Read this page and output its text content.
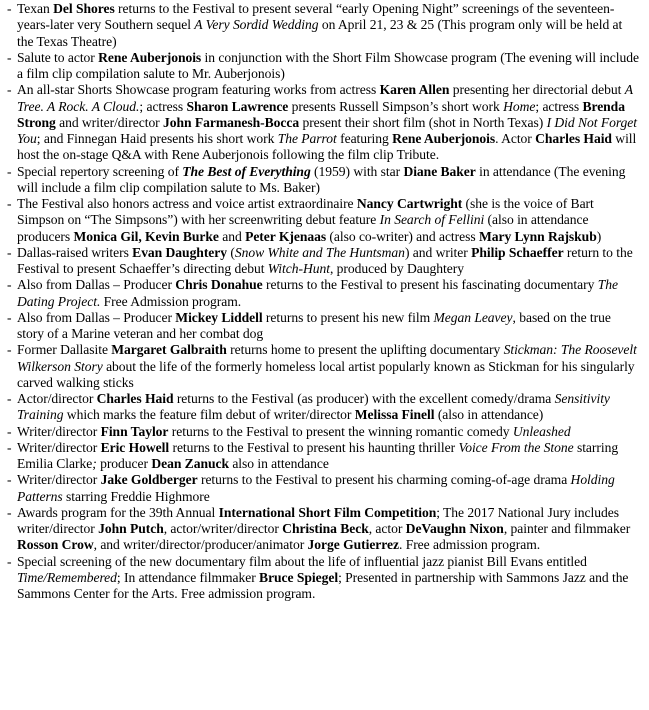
- Texan Del Shores returns to the Festival to present several “early Opening Night” screenings of the seventeen-years-later very Southern sequel A Very Sordid Wedding on April 21, 23 & 25 (This program only will be held at the Texas Theatre)

- Salute to actor Rene Auberjonois in conjunction with the Short Film Showcase program (The evening will include a film clip compilation salute to Mr. Auberjonois)

- An all-star Shorts Showcase program featuring works from actress Karen Allen presenting her directorial debut A Tree. A Rock. A Cloud.; actress Sharon Lawrence presents Russell Simpson’s short work Home; actress Brenda Strong and writer/director John Farmanesh-Bocca present their short film (shot in North Texas) I Did Not Forget You; and Finnegan Haid presents his short work The Parrot featuring Rene Auberjonois. Actor Charles Haid will host the on-stage Q&A with Rene Auberjonois following the film clip Tribute.

- Special repertory screening of The Best of Everything (1959) with star Diane Baker in attendance (The evening will include a film clip compilation salute to Ms. Baker)

- The Festival also honors actress and voice artist extraordinaire Nancy Cartwright (she is the voice of Bart Simpson on “The Simpsons”) with her screenwriting debut feature In Search of Fellini (also in attendance producers Monica Gil, Kevin Burke and Peter Kjenaas (also co-writer) and actress Mary Lynn Rajskub)

- Dallas-raised writers Evan Daughtery (Snow White and The Huntsman) and writer Philip Schaeffer return to the Festival to present Schaeffer’s directing debut Witch-Hunt, produced by Daughtery

- Also from Dallas – Producer Chris Donahue returns to the Festival to present his fascinating documentary The Dating Project. Free Admission program.

- Also from Dallas – Producer Mickey Liddell returns to present his new film Megan Leavey, based on the true story of a Marine veteran and her combat dog

- Former Dallasite Margaret Galbraith returns home to present the uplifting documentary Stickman: The Roosevelt Wilkerson Story about the life of the formerly homeless local artist popularly known as Stickman for his singularly carved walking sticks

- Actor/director Charles Haid returns to the Festival (as producer) with the excellent comedy/drama Sensitivity Training which marks the feature film debut of writer/director Melissa Finell (also in attendance)

- Writer/director Finn Taylor returns to the Festival to present the winning romantic comedy Unleashed

- Writer/director Eric Howell returns to the Festival to present his haunting thriller Voice From the Stone starring Emilia Clarke; producer Dean Zanuck also in attendance

- Writer/director Jake Goldberger returns to the Festival to present his charming coming-of-age drama Holding Patterns starring Freddie Highmore

- Awards program for the 39th Annual International Short Film Competition; The 2017 National Jury includes writer/director John Putch, actor/writer/director Christina Beck, actor DeVaughn Nixon, painter and filmmaker Rosson Crow, and writer/director/producer/animator Jorge Gutierrez. Free admission program.

- Special screening of the new documentary film about the life of influential jazz pianist Bill Evans entitled Time/Remembered; In attendance filmmaker Bruce Spiegel; Presented in partnership with Sammons Jazz and the Sammons Center for the Arts. Free admission program.
